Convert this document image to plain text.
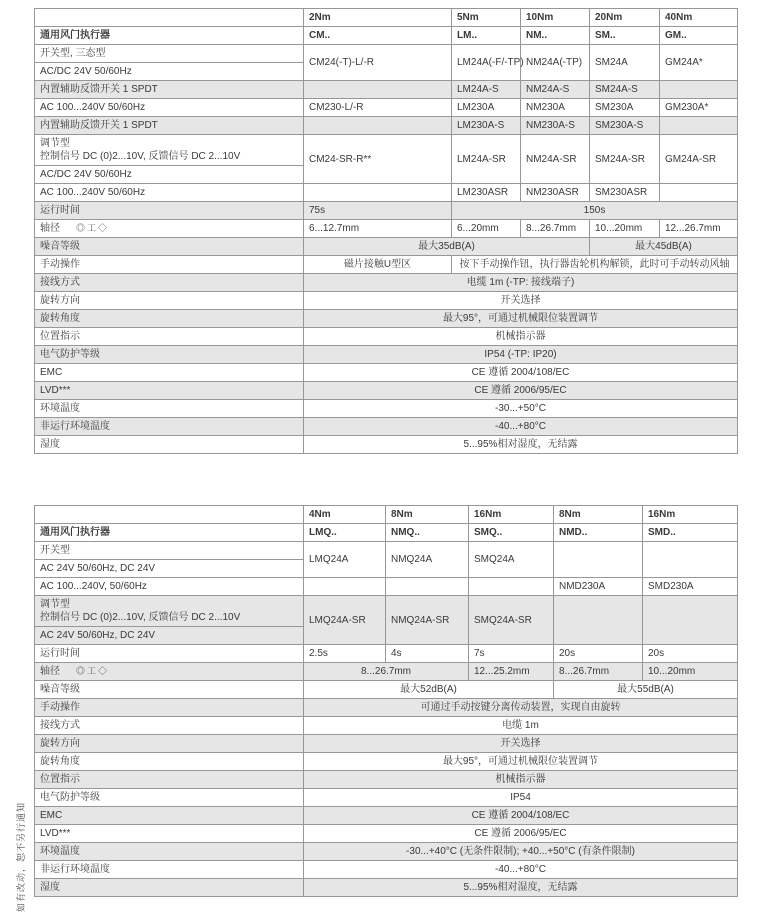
	2Nm	5Nm	10Nm	20Nm	40Nm
通用风门执行器	CM..	LM..	NM..	SM..	GM..
开关型, 三态型	CM24(-T)-L/-R	LM24A(-F/-TP)	NM24A(-TP)	SM24A	GM24A*
AC/DC 24V 50/60Hz					
内置辅助反馈开关 1 SPDT		LM24A-S	NM24A-S	SM24A-S	
AC 100...240V 50/60Hz	CM230-L/-R	LM230A	NM230A	SM230A	GM230A*
内置辅助反馈开关 1 SPDT		LM230A-S	NM230A-S	SM230A-S	
调节型
控制信号 DC (0)2...10V, 反馈信号 DC 2...10V	CM24-SR-R**	LM24A-SR	NM24A-SR	SM24A-SR	GM24A-SR
AC/DC 24V 50/60Hz					
AC 100...240V 50/60Hz		LM230ASR	NM230ASR	SM230ASR	
运行时间	75s	150s			
轴径 ◎工◇	6...12.7mm	6...20mm	8...26.7mm	10...20mm	12...26.7mm
噪音等级	最大35dB(A)			最大45dB(A)	
手动操作	磁片接触U型区	按下手动操作钮，执行器齿轮机构解锁，此时可手动转动风轴			
接线方式	电缆 1m (-TP: 接线端子)				
旋转方向	开关选择				
旋转角度	最大95°，可通过机械限位装置调节				
位置指示	机械指示器				
电气防护等级	IP54 (-TP: IP20)				
EMC	CE 遵循 2004/108/EC				
LVD***	CE 遵循 2006/95/EC				
环境温度	-30...+50°C				
非运行环境温度	-40...+80°C				
湿度	5...95%相对湿度，无结露				
	4Nm	8Nm	16Nm	8Nm	16Nm
通用风门执行器	LMQ..	NMQ..	SMQ..	NMD..	SMD..
开关型	LMQ24A	NMQ24A	SMQ24A		
AC 24V 50/60Hz, DC 24V					
AC 100...240V, 50/60Hz				NMD230A	SMD230A
调节型
控制信号 DC (0)2...10V, 反馈信号 DC 2...10V	LMQ24A-SR	NMQ24A-SR	SMQ24A-SR		
AC 24V 50/60Hz, DC 24V					
运行时间	2.5s	4s	7s	20s	20s
轴径 ◎工◇	8...26.7mm		12...25.2mm	8...26.7mm	10...20mm
噪音等级	最大52dB(A)			最大55dB(A)	
手动操作	可通过手动按键分离传动装置，实现自由旋转				
接线方式	电缆 1m				
旋转方向	开关选择				
旋转角度	最大95°，可通过机械限位装置调节				
位置指示	机械指示器				
电气防护等级	IP54				
EMC	CE 遵循 2004/108/EC				
LVD***	CE 遵循 2006/95/EC				
环境温度	-30...+40°C (无条件限制); +40...+50°C (有条件限制)				
非运行环境温度	-40...+80°C				
湿度	5...95%相对湿度，无结露				
如有改动，恕不另行通知
